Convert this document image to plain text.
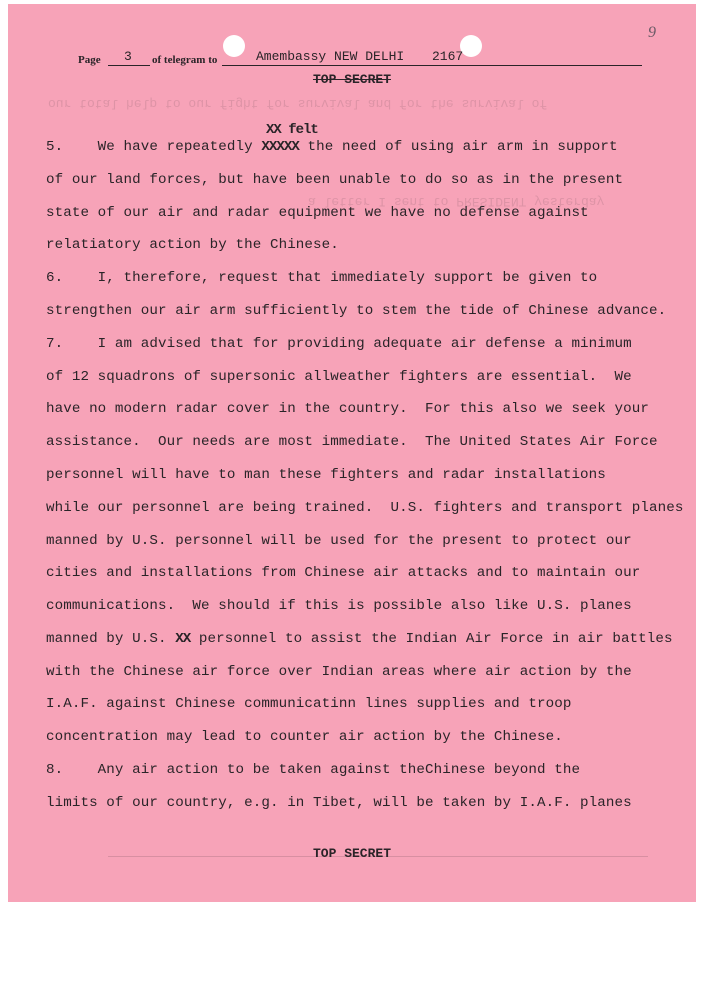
9
Page 3 of telegram to	Amembassy NEW DELHI 2167
TOP SECRET
our total help to our fight for survival and for the survival of
a letter I sent to PRESIDENT yesterday
XX felt
5.    We have repeatedly XXXXX the need of using air arm in support
of our land forces, but have been unable to do so as in the present
state of our air and radar equipment we have no defense against
relatiatory action by the Chinese.
6.    I, therefore, request that immediately support be given to
strengthen our air arm sufficiently to stem the tide of Chinese advance.
7.    I am advised that for providing adequate air defense a minimum
of 12 squadrons of supersonic allweather fighters are essential.  We
have no modern radar cover in the country.  For this also we seek your
assistance.  Our needs are most immediate.  The United States Air Force
personnel will have to man these fighters and radar installations
while our personnel are being trained.  U.S. fighters and transport planes
manned by U.S. personnel will be used for the present to protect our
cities and installations from Chinese air attacks and to maintain our
communications.  We should if this is possible also like U.S. planes
manned by U.S. XX personnel to assist the Indian Air Force in air battles
with the Chinese air force over Indian areas where air action by the
I.A.F. against Chinese communicatinn lines supplies and troop
concentration may lead to counter air action by the Chinese.
8.    Any air action to be taken against theChinese beyond the
limits of our country, e.g. in Tibet, will be taken by I.A.F. planes
TOP SECRET
